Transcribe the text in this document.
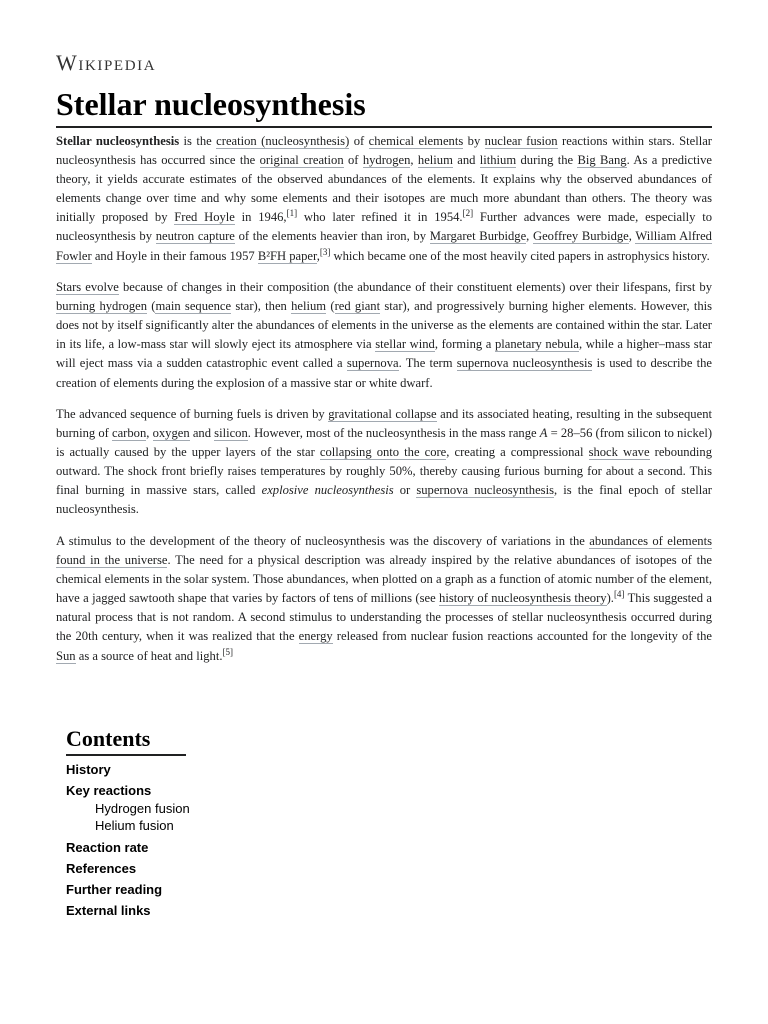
Wikipedia
Stellar nucleosynthesis

Stellar nucleosynthesis is the creation (nucleosynthesis) of chemical elements by nuclear fusion reactions within stars. Stellar nucleosynthesis has occurred since the original creation of hydrogen, helium and lithium during the Big Bang. As a predictive theory, it yields accurate estimates of the observed abundances of the elements. It explains why the observed abundances of elements change over time and why some elements and their isotopes are much more abundant than others. The theory was initially proposed by Fred Hoyle in 1946,[1] who later refined it in 1954.[2] Further advances were made, especially to nucleosynthesis by neutron capture of the elements heavier than iron, by Margaret Burbidge, Geoffrey Burbidge, William Alfred Fowler and Hoyle in their famous 1957 B²FH paper,[3] which became one of the most heavily cited papers in astrophysics history.

Stars evolve because of changes in their composition (the abundance of their constituent elements) over their lifespans, first by burning hydrogen (main sequence star), then helium (red giant star), and progressively burning higher elements. However, this does not by itself significantly alter the abundances of elements in the universe as the elements are contained within the star. Later in its life, a low-mass star will slowly eject its atmosphere via stellar wind, forming a planetary nebula, while a higher–mass star will eject mass via a sudden catastrophic event called a supernova. The term supernova nucleosynthesis is used to describe the creation of elements during the explosion of a massive star or white dwarf.

The advanced sequence of burning fuels is driven by gravitational collapse and its associated heating, resulting in the subsequent burning of carbon, oxygen and silicon. However, most of the nucleosynthesis in the mass range A = 28–56 (from silicon to nickel) is actually caused by the upper layers of the star collapsing onto the core, creating a compressional shock wave rebounding outward. The shock front briefly raises temperatures by roughly 50%, thereby causing furious burning for about a second. This final burning in massive stars, called explosive nucleosynthesis or supernova nucleosynthesis, is the final epoch of stellar nucleosynthesis.

A stimulus to the development of the theory of nucleosynthesis was the discovery of variations in the abundances of elements found in the universe. The need for a physical description was already inspired by the relative abundances of isotopes of the chemical elements in the solar system. Those abundances, when plotted on a graph as a function of atomic number of the element, have a jagged sawtooth shape that varies by factors of tens of millions (see history of nucleosynthesis theory).[4] This suggested a natural process that is not random. A second stimulus to understanding the processes of stellar nucleosynthesis occurred during the 20th century, when it was realized that the energy released from nuclear fusion reactions accounted for the longevity of the Sun as a source of heat and light.[5]

Contents
History
Key reactions
Hydrogen fusion
Helium fusion
Reaction rate
References
Further reading
External links
